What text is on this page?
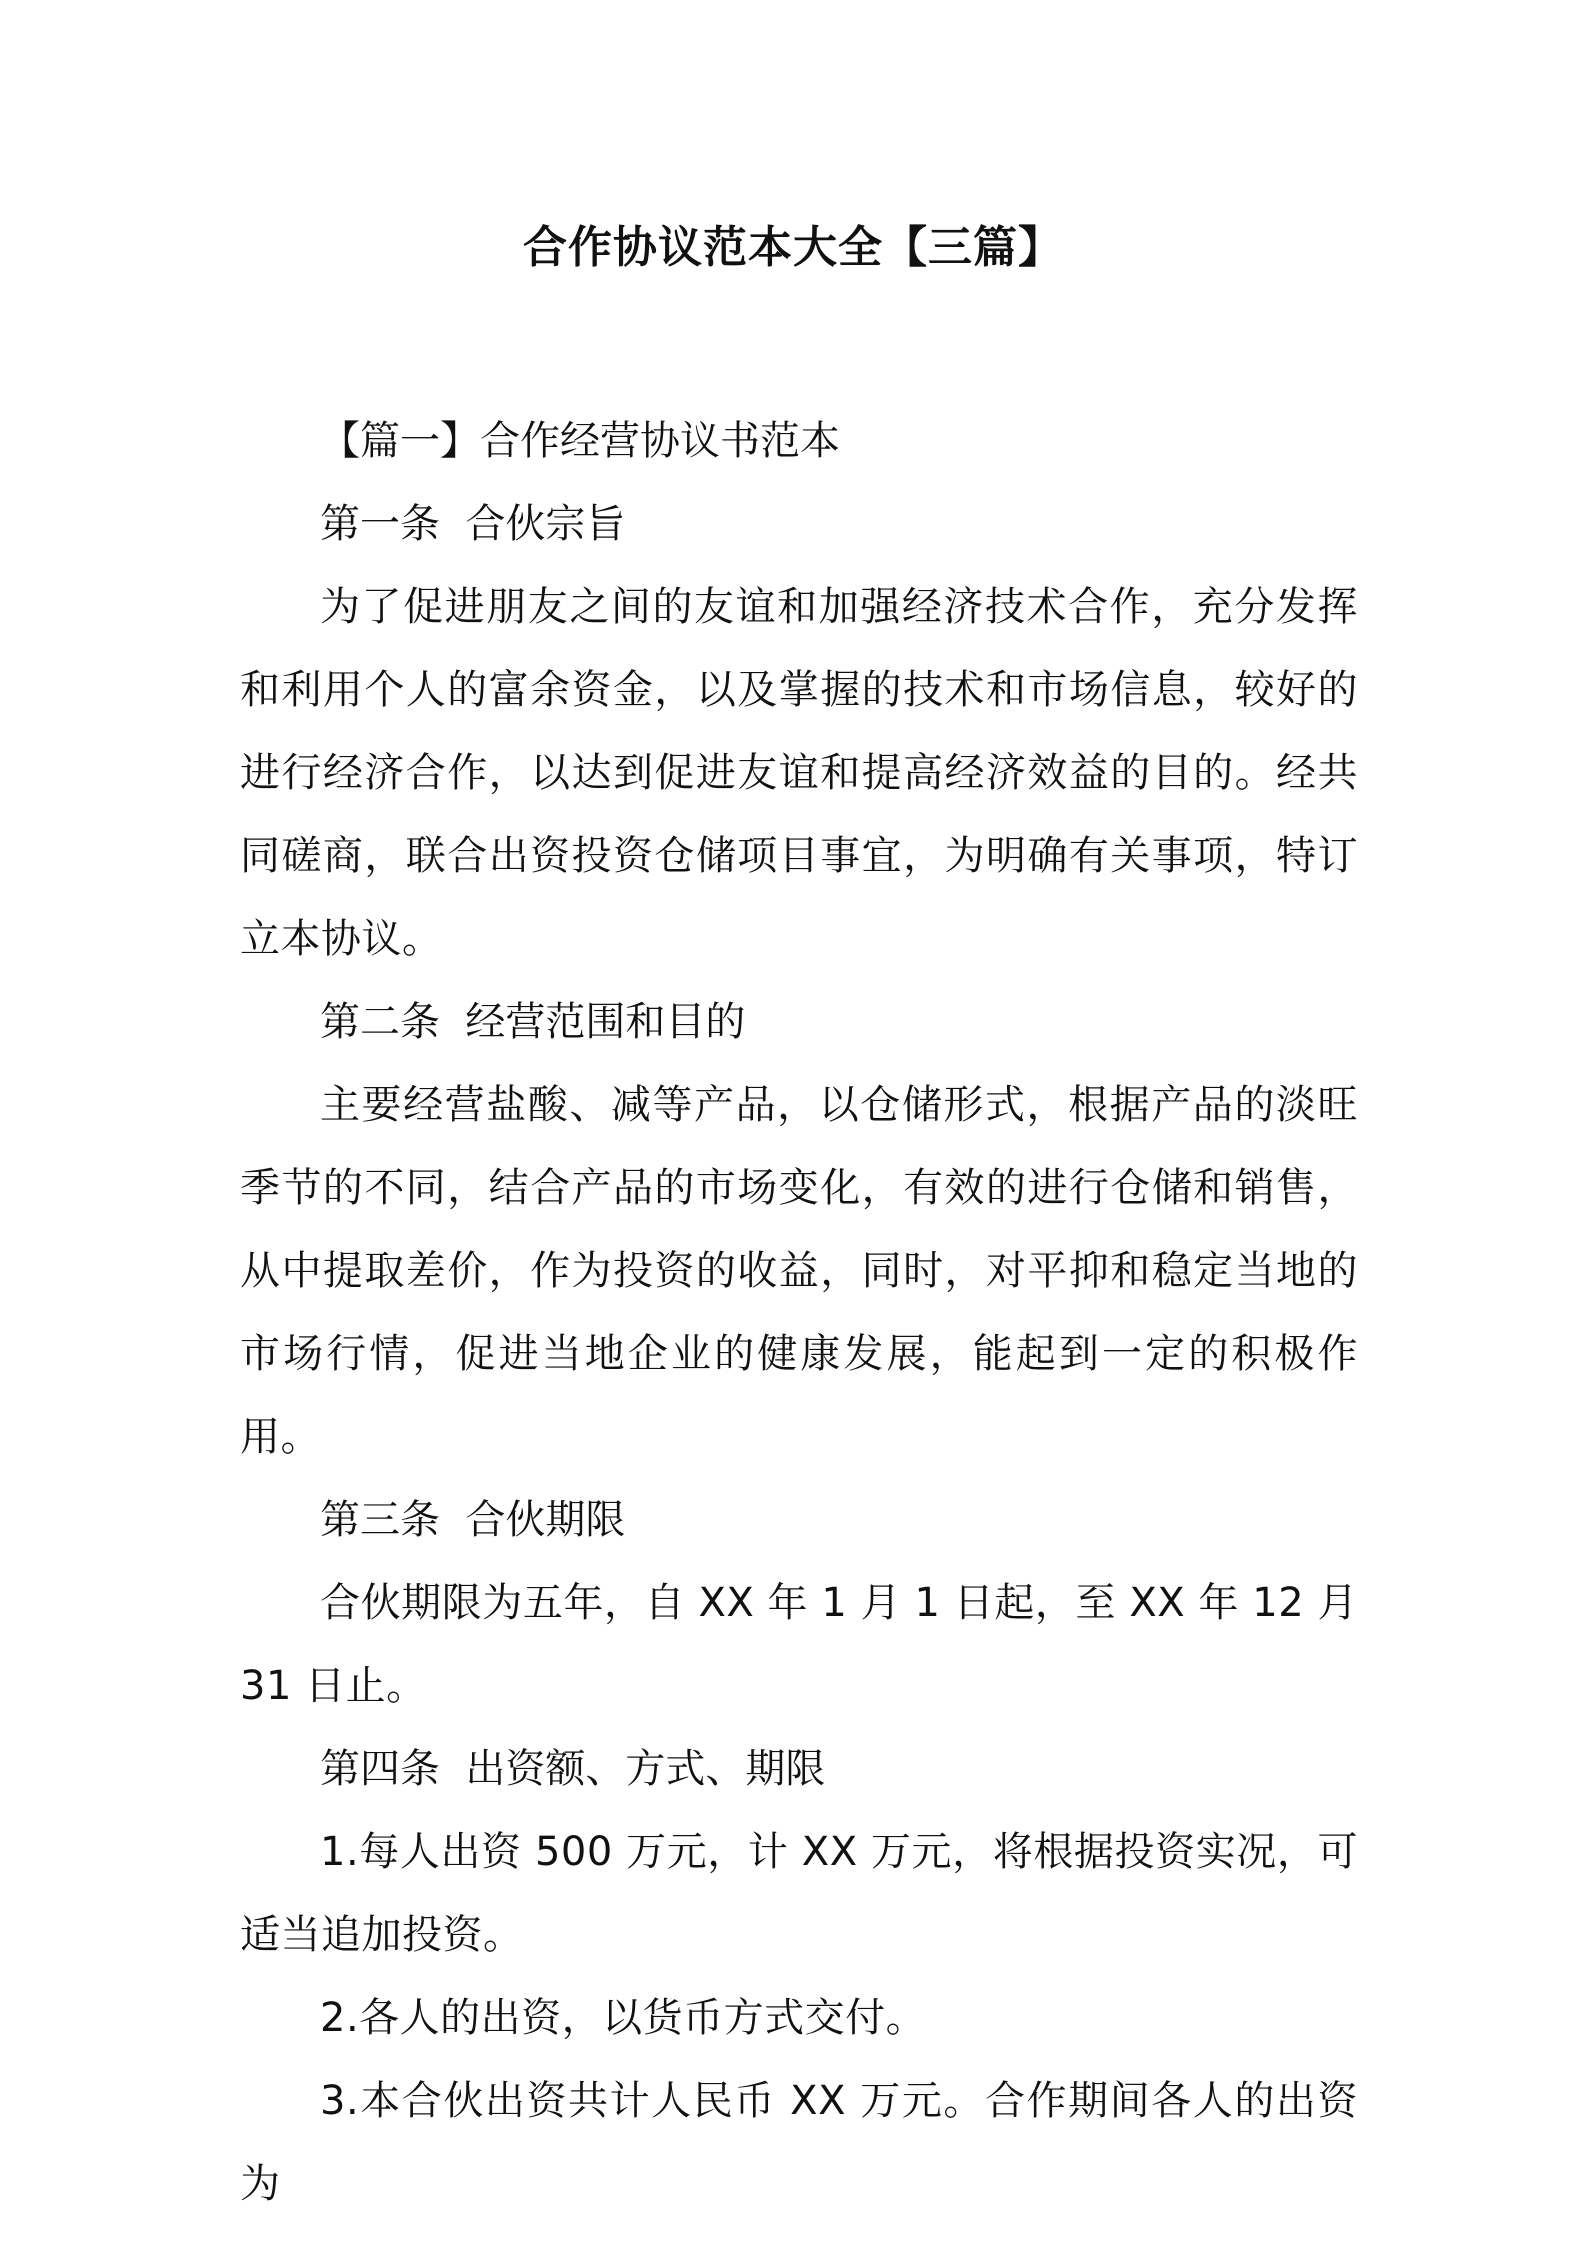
合作协议范本大全【三篇】

【篇一】合作经营协议书范本

第一条  合伙宗旨

为了促进朋友之间的友谊和加强经济技术合作，充分发挥和利用个人的富余资金，以及掌握的技术和市场信息，较好的进行经济合作，以达到促进友谊和提高经济效益的目的。经共同磋商，联合出资投资仓储项目事宜，为明确有关事项，特订立本协议。

第二条  经营范围和目的

主要经营盐酸、减等产品，以仓储形式，根据产品的淡旺季节的不同，结合产品的市场变化，有效的进行仓储和销售，从中提取差价，作为投资的收益，同时，对平抑和稳定当地的市场行情，促进当地企业的健康发展，能起到一定的积极作用。

第三条  合伙期限

合伙期限为五年，自 XX 年 1 月 1 日起，至 XX 年 12 月 31 日止。

第四条  出资额、方式、期限

1.每人出资 500 万元，计 XX 万元，将根据投资实况，可适当追加投资。

2.各人的出资，以货币方式交付。

3.本合伙出资共计人民币 XX 万元。合作期间各人的出资为
